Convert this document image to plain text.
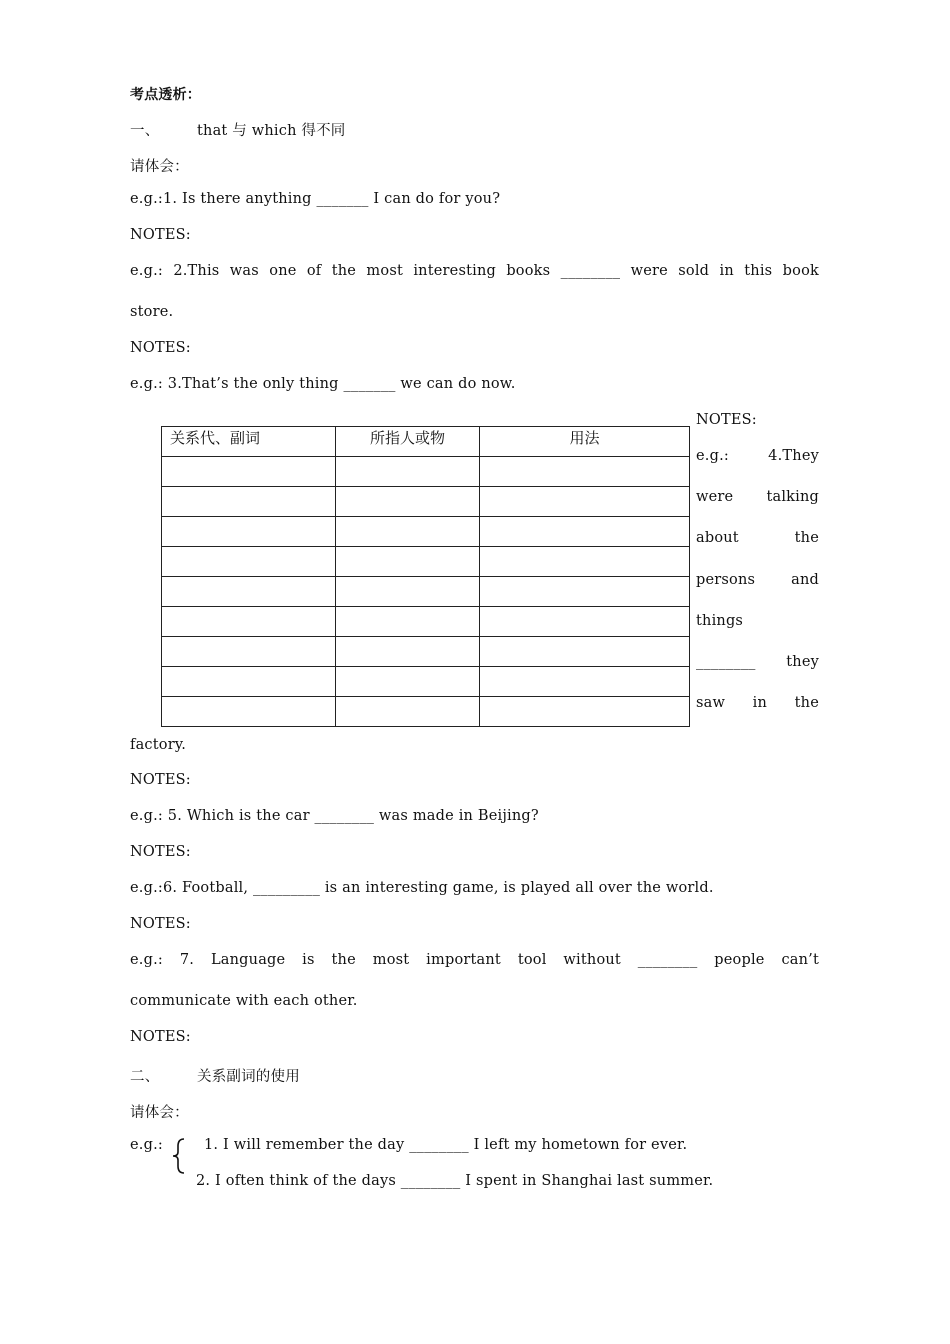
考点透析：
一、	that 与 which 得不同
请体会：
e.g.:1. Is there anything _______ I can do for you?
NOTES:
e.g.: 2.This was one of the most interesting books ________ were sold in this book
store.
NOTES:
e.g.: 3.That’s the only thing _______ we can do now.
NOTES:
关系代、副词	所指人或物	用法

e.g.: 4.They
were talking
about the
persons and
things
________ they
saw in the
factory.
NOTES:
e.g.: 5. Which is the car ________ was made in Beijing?
NOTES:
e.g.:6. Football, _________ is an interesting game, is played all over the world.
NOTES:
e.g.: 7. Language is the most important tool without ________ people can’t
communicate with each other.
NOTES:
二、	关系副词的使用
请体会：
e.g.:	1. I will remember the day ________ I left my hometown for ever.
2. I often think of the days ________ I spent in Shanghai last summer.
